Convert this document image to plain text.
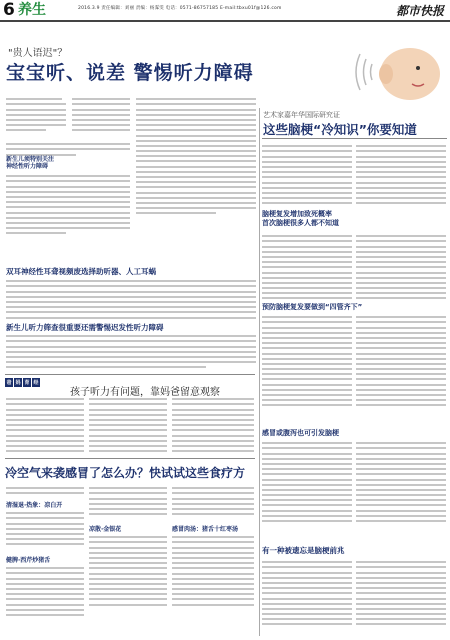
6 养生	2016.3.9 责任编辑：刘丽 责编：杨霁雯 电话：0571-86757185 E-mail:tbxu01f@126.com	都市快报
"贵人语迟"？
宝宝听、说差 警惕听力障碍
新生儿须特别关注
神经性听力障碍
双耳神经性耳聋视频废选择助听器、人工耳蜗
新生儿听力筛查很重要还需警惕迟发性听力障碍
艺术家嘉年华国际研究证
这些脑梗“冷知识”你要知道
脑梗复发增加致死概率
首次脑梗很多人都不知道
预防脑梗复发要做到“四管齐下”
感冒或腹泻也可引发脑梗
有一种被遗忘是脑梗前兆
爸 妈 育 经
孩子听力有问题，靠妈爸留意观察
冷空气来袭感冒了怎么办？快试试这些食疗方
清湿退·热象：凉白开
健脾·西芹炒猪舌
凉散·金银花	感冒肉汤：猪舌十红枣汤
